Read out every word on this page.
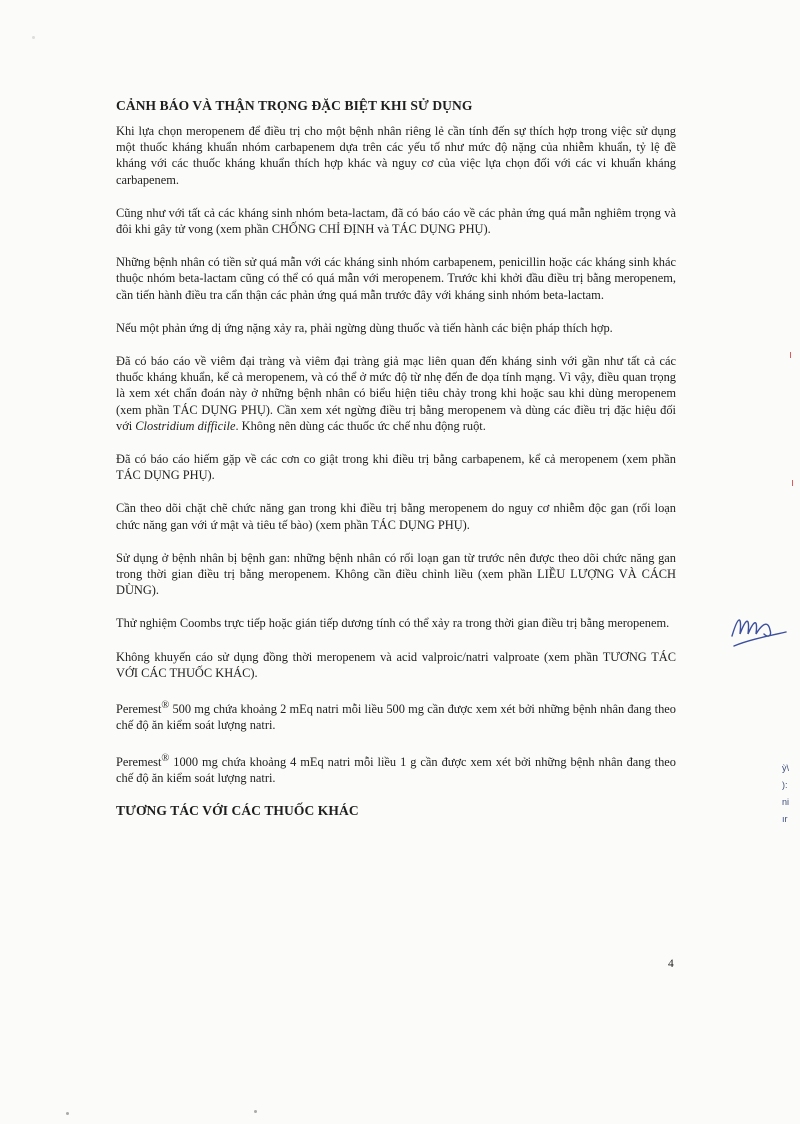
CẢNH BÁO VÀ THẬN TRỌNG ĐẶC BIỆT KHI SỬ DỤNG

Khi lựa chọn meropenem để điều trị cho một bệnh nhân riêng lẻ cần tính đến sự thích hợp trong việc sử dụng một thuốc kháng khuẩn nhóm carbapenem dựa trên các yếu tố như mức độ nặng của nhiễm khuẩn, tỷ lệ đề kháng với các thuốc kháng khuẩn thích hợp khác và nguy cơ của việc lựa chọn đối với các vi khuẩn kháng carbapenem.

Cũng như với tất cả các kháng sinh nhóm beta-lactam, đã có báo cáo về các phản ứng quá mẫn nghiêm trọng và đôi khi gây tử vong (xem phần CHỐNG CHỈ ĐỊNH và TÁC DỤNG PHỤ).

Những bệnh nhân có tiền sử quá mẫn với các kháng sinh nhóm carbapenem, penicillin hoặc các kháng sinh khác thuộc nhóm beta-lactam cũng có thể có quá mẫn với meropenem. Trước khi khởi đầu điều trị bằng meropenem, cần tiến hành điều tra cẩn thận các phản ứng quá mẫn trước đây với kháng sinh nhóm beta-lactam.

Nếu một phản ứng dị ứng nặng xảy ra, phải ngừng dùng thuốc và tiến hành các biện pháp thích hợp.

Đã có báo cáo về viêm đại tràng và viêm đại tràng giả mạc liên quan đến kháng sinh với gần như tất cả các thuốc kháng khuẩn, kể cả meropenem, và có thể ở mức độ từ nhẹ đến đe dọa tính mạng. Vì vậy, điều quan trọng là xem xét chẩn đoán này ở những bệnh nhân có biểu hiện tiêu chảy trong khi hoặc sau khi dùng meropenem (xem phần TÁC DỤNG PHỤ). Cần xem xét ngừng điều trị bằng meropenem và dùng các điều trị đặc hiệu đối với Clostridium difficile. Không nên dùng các thuốc ức chế nhu động ruột.

Đã có báo cáo hiếm gặp về các cơn co giật trong khi điều trị bằng carbapenem, kể cả meropenem (xem phần TÁC DỤNG PHỤ).

Cần theo dõi chặt chẽ chức năng gan trong khi điều trị bằng meropenem do nguy cơ nhiễm độc gan (rối loạn chức năng gan với ứ mật và tiêu tế bào) (xem phần TÁC DỤNG PHỤ).

Sử dụng ở bệnh nhân bị bệnh gan: những bệnh nhân có rối loạn gan từ trước nên được theo dõi chức năng gan trong thời gian điều trị bằng meropenem. Không cần điều chỉnh liều (xem phần LIỀU LƯỢNG VÀ CÁCH DÙNG).

Thử nghiệm Coombs trực tiếp hoặc gián tiếp dương tính có thể xảy ra trong thời gian điều trị bằng meropenem.

Không khuyến cáo sử dụng đồng thời meropenem và acid valproic/natri valproate (xem phần TƯƠNG TÁC VỚI CÁC THUỐC KHÁC).

Peremest® 500 mg chứa khoảng 2 mEq natri mỗi liều 500 mg cần được xem xét bởi những bệnh nhân đang theo chế độ ăn kiểm soát lượng natri.

Peremest® 1000 mg chứa khoảng 4 mEq natri mỗi liều 1 g cần được xem xét bởi những bệnh nhân đang theo chế độ ăn kiểm soát lượng natri.

TƯƠNG TÁC VỚI CÁC THUỐC KHÁC
4
ỳ\
):
ni
ır
